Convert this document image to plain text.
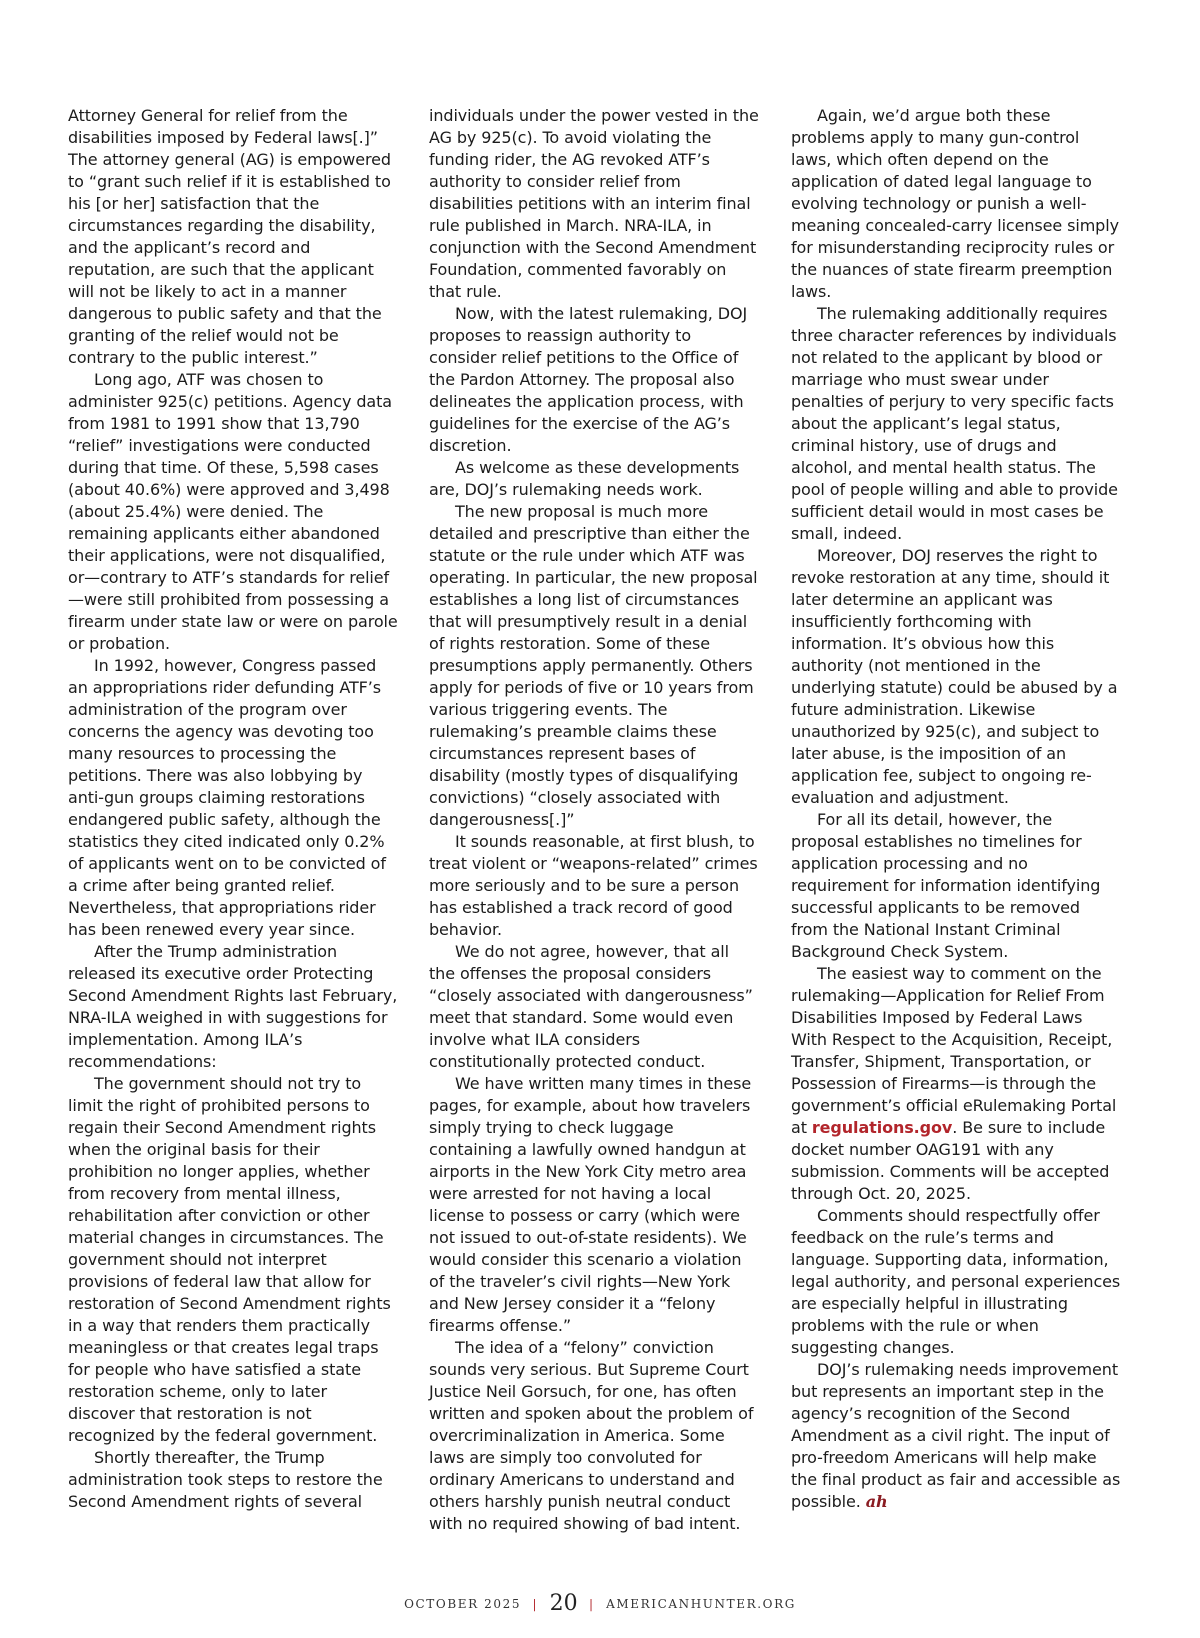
Attorney General for relief from the disabilities imposed by Federal laws[.]” The attorney general (AG) is empowered to “grant such relief if it is established to his [or her] satisfaction that the circumstances regarding the disability, and the applicant’s record and reputation, are such that the applicant will not be likely to act in a manner dangerous to public safety and that the granting of the relief would not be contrary to the public interest.”

Long ago, ATF was chosen to administer 925(c) petitions. Agency data from 1981 to 1991 show that 13,790 “relief” investigations were conducted during that time. Of these, 5,598 cases (about 40.6%) were approved and 3,498 (about 25.4%) were denied. The remaining applicants either abandoned their applications, were not disqualified, or—contrary to ATF’s standards for relief—were still prohibited from possessing a firearm under state law or were on parole or probation.

In 1992, however, Congress passed an appropriations rider defunding ATF’s administration of the program over concerns the agency was devoting too many resources to processing the petitions. There was also lobbying by anti-gun groups claiming restorations endangered public safety, although the statistics they cited indicated only 0.2% of applicants went on to be convicted of a crime after being granted relief. Nevertheless, that appropriations rider has been renewed every year since.

After the Trump administration released its executive order Protecting Second Amendment Rights last February, NRA-ILA weighed in with suggestions for implementation. Among ILA’s recommendations:

The government should not try to limit the right of prohibited persons to regain their Second Amendment rights when the original basis for their prohibition no longer applies, whether from recovery from mental illness, rehabilitation after conviction or other material changes in circumstances. The government should not interpret provisions of federal law that allow for restoration of Second Amendment rights in a way that renders them practically meaningless or that creates legal traps for people who have satisfied a state restoration scheme, only to later discover that restoration is not recognized by the federal government.

Shortly thereafter, the Trump administration took steps to restore the Second Amendment rights of several

individuals under the power vested in the AG by 925(c). To avoid violating the funding rider, the AG revoked ATF’s authority to consider relief from disabilities petitions with an interim final rule published in March. NRA-ILA, in conjunction with the Second Amendment Foundation, commented favorably on that rule.

Now, with the latest rulemaking, DOJ proposes to reassign authority to consider relief petitions to the Office of the Pardon Attorney. The proposal also delineates the application process, with guidelines for the exercise of the AG’s discretion.

As welcome as these developments are, DOJ’s rulemaking needs work.

The new proposal is much more detailed and prescriptive than either the statute or the rule under which ATF was operating. In particular, the new proposal establishes a long list of circumstances that will presumptively result in a denial of rights restoration. Some of these presumptions apply permanently. Others apply for periods of five or 10 years from various triggering events. The rulemaking’s preamble claims these circumstances represent bases of disability (mostly types of disqualifying convictions) “closely associated with dangerousness[.]”

It sounds reasonable, at first blush, to treat violent or “weapons-related” crimes more seriously and to be sure a person has established a track record of good behavior.

We do not agree, however, that all the offenses the proposal considers “closely associated with dangerousness” meet that standard. Some would even involve what ILA considers constitutionally protected conduct.

We have written many times in these pages, for example, about how travelers simply trying to check luggage containing a lawfully owned handgun at airports in the New York City metro area were arrested for not having a local license to possess or carry (which were not issued to out-of-state residents). We would consider this scenario a violation of the traveler’s civil rights—New York and New Jersey consider it a “felony firearms offense.”

The idea of a “felony” conviction sounds very serious. But Supreme Court Justice Neil Gorsuch, for one, has often written and spoken about the problem of overcriminalization in America. Some laws are simply too convoluted for ordinary Americans to understand and others harshly punish neutral conduct with no required showing of bad intent.

Again, we’d argue both these problems apply to many gun-control laws, which often depend on the application of dated legal language to evolving technology or punish a well-meaning concealed-carry licensee simply for misunderstanding reciprocity rules or the nuances of state firearm preemption laws.

The rulemaking additionally requires three character references by individuals not related to the applicant by blood or marriage who must swear under penalties of perjury to very specific facts about the applicant’s legal status, criminal history, use of drugs and alcohol, and mental health status. The pool of people willing and able to provide sufficient detail would in most cases be small, indeed.

Moreover, DOJ reserves the right to revoke restoration at any time, should it later determine an applicant was insufficiently forthcoming with information. It’s obvious how this authority (not mentioned in the underlying statute) could be abused by a future administration. Likewise unauthorized by 925(c), and subject to later abuse, is the imposition of an application fee, subject to ongoing re-evaluation and adjustment.

For all its detail, however, the proposal establishes no timelines for application processing and no requirement for information identifying successful applicants to be removed from the National Instant Criminal Background Check System.

The easiest way to comment on the rulemaking—Application for Relief From Disabilities Imposed by Federal Laws With Respect to the Acquisition, Receipt, Transfer, Shipment, Transportation, or Possession of Firearms—is through the government’s official eRulemaking Portal at regulations.gov. Be sure to include docket number OAG191 with any submission. Comments will be accepted through Oct. 20, 2025.

Comments should respectfully offer feedback on the rule’s terms and language. Supporting data, information, legal authority, and personal experiences are especially helpful in illustrating problems with the rule or when suggesting changes.

DOJ’s rulemaking needs improvement but represents an important step in the agency’s recognition of the Second Amendment as a civil right. The input of pro-freedom Americans will help make the final product as fair and accessible as possible. ah

OCTOBER 2025 | 20 | AMERICANHUNTER.ORG
